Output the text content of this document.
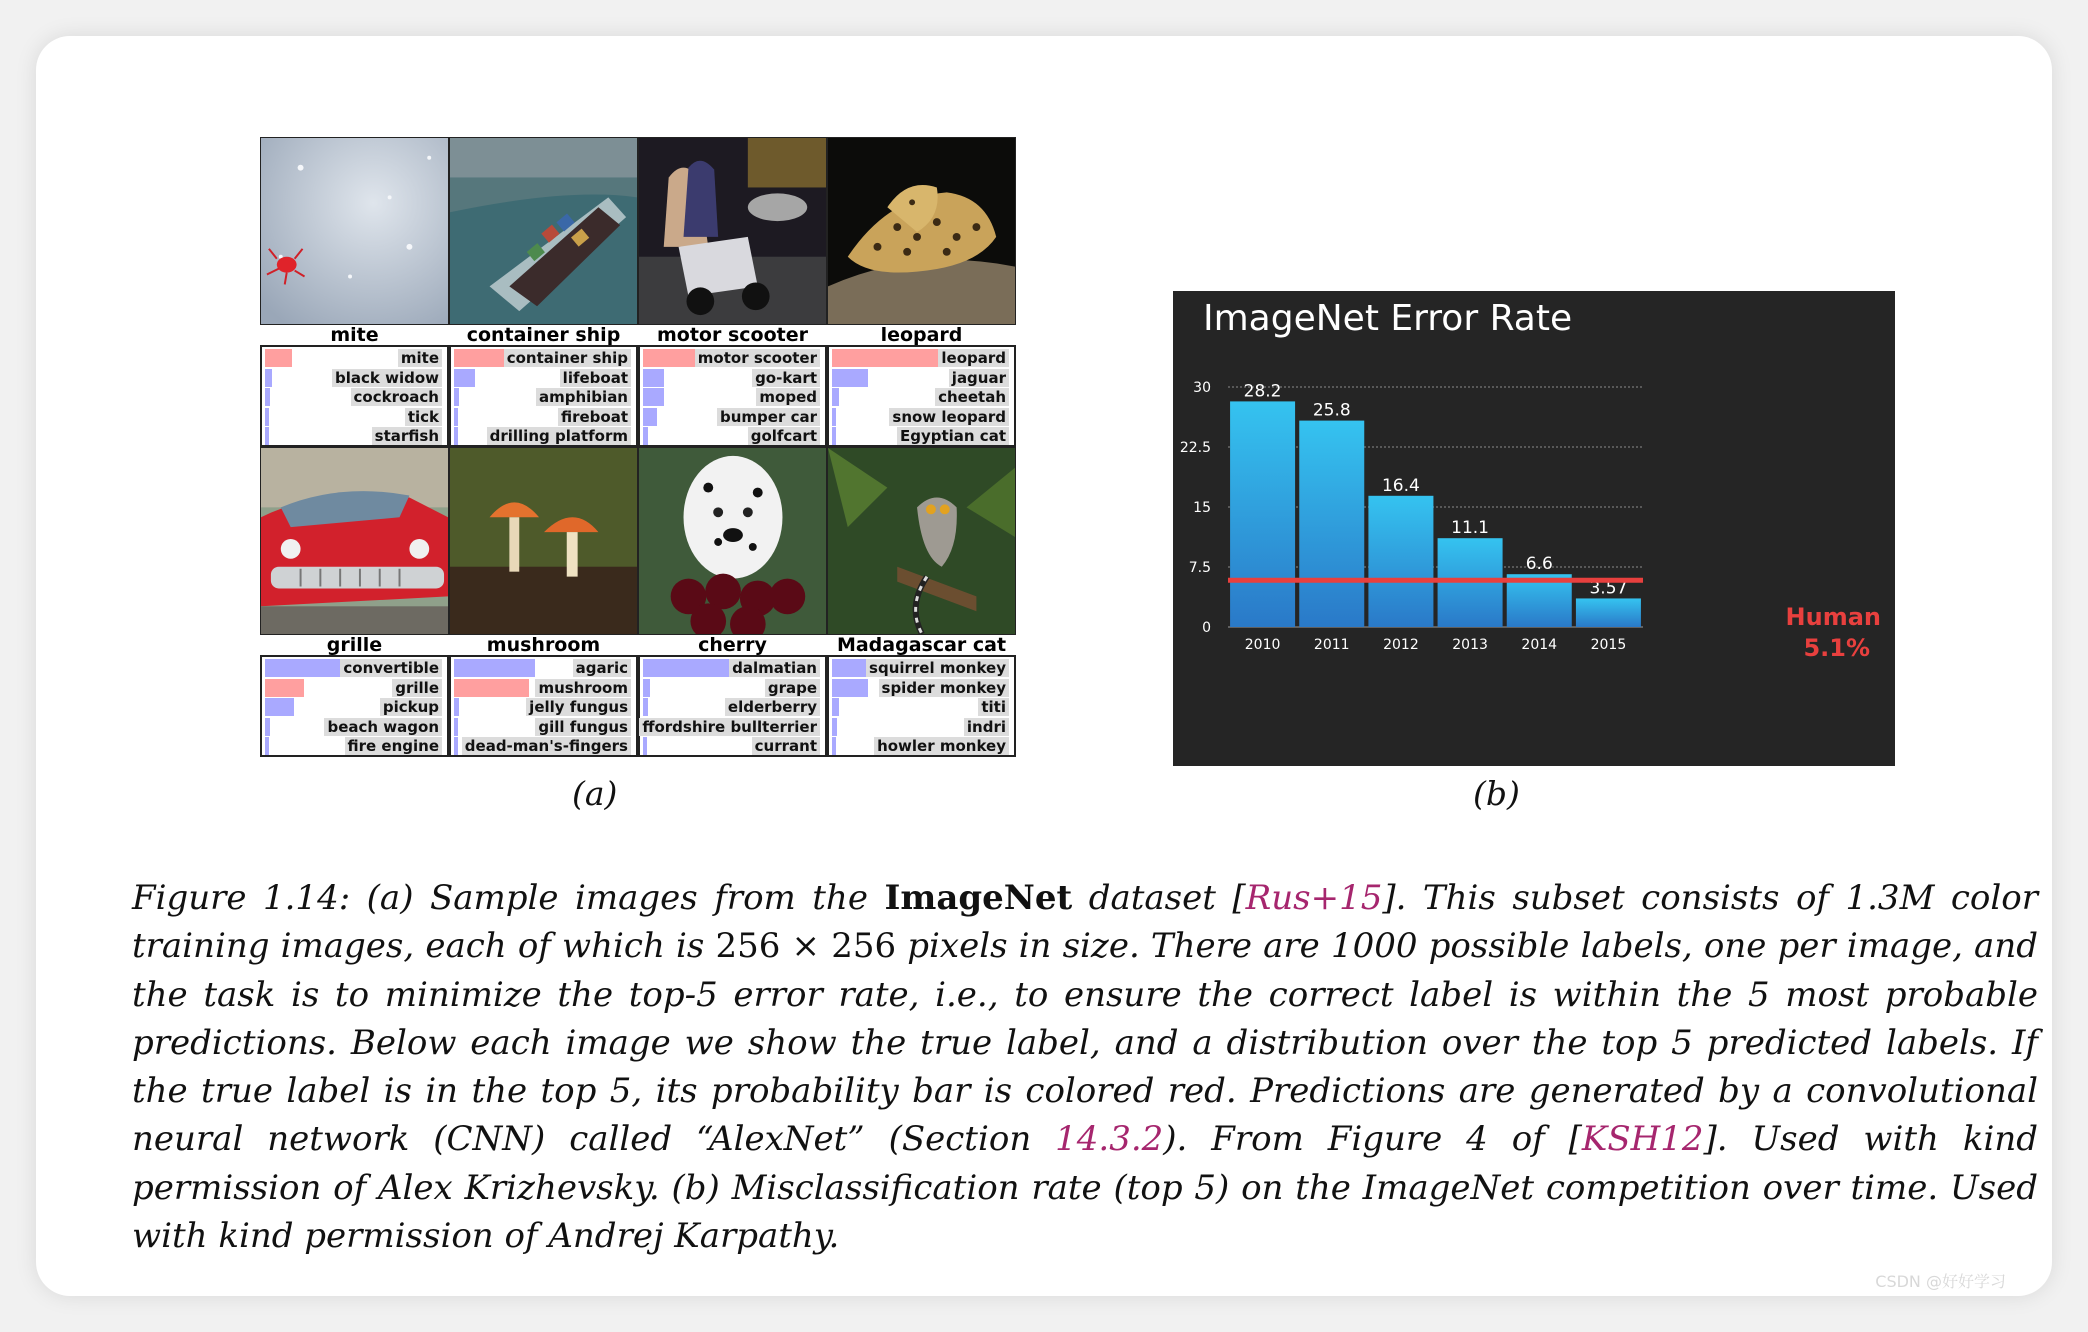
mite	container ship	motor scooter	leopard
mite
black widow
cockroach
tick
starfish
container ship
lifeboat
amphibian
fireboat
drilling platform
motor scooter
go-kart
moped
bumper car
golfcart
leopard
jaguar
cheetah
snow leopard
Egyptian cat
grille	mushroom	cherry	Madagascar cat
convertible
grille
pickup
beach wagon
fire engine
agaric
mushroom
jelly fungus
gill fungus
dead-man's-fingers
dalmatian
grape
elderberry
ffordshire bullterrier
currant
squirrel monkey
spider monkey
titi
indri
howler monkey
(a)
ImageNet Error Rate
0
7.5
15
22.5
30 28.2
2010
25.8
2011
16.4
2012
11.1
2013
6.6
2014
3.57
2015
Human
5.1%
(b)
Figure 1.14: (a) Sample images from the ImageNet dataset [Rus+15]. This subset consists of 1.3M color training images, each of which is 256 × 256 pixels in size. There are 1000 possible labels, one per image, and the task is to minimize the top-5 error rate, i.e., to ensure the correct label is within the 5 most probable predictions. Below each image we show the true label, and a distribution over the top 5 predicted labels. If the true label is in the top 5, its probability bar is colored red. Predictions are generated by a convolutional neural network (CNN) called “AlexNet” (Section 14.3.2). From Figure 4 of [KSH12]. Used with kind permission of Alex Krizhevsky. (b) Misclassification rate (top 5) on the ImageNet competition over time. Used with kind permission of Andrej Karpathy.
CSDN @好好学习
